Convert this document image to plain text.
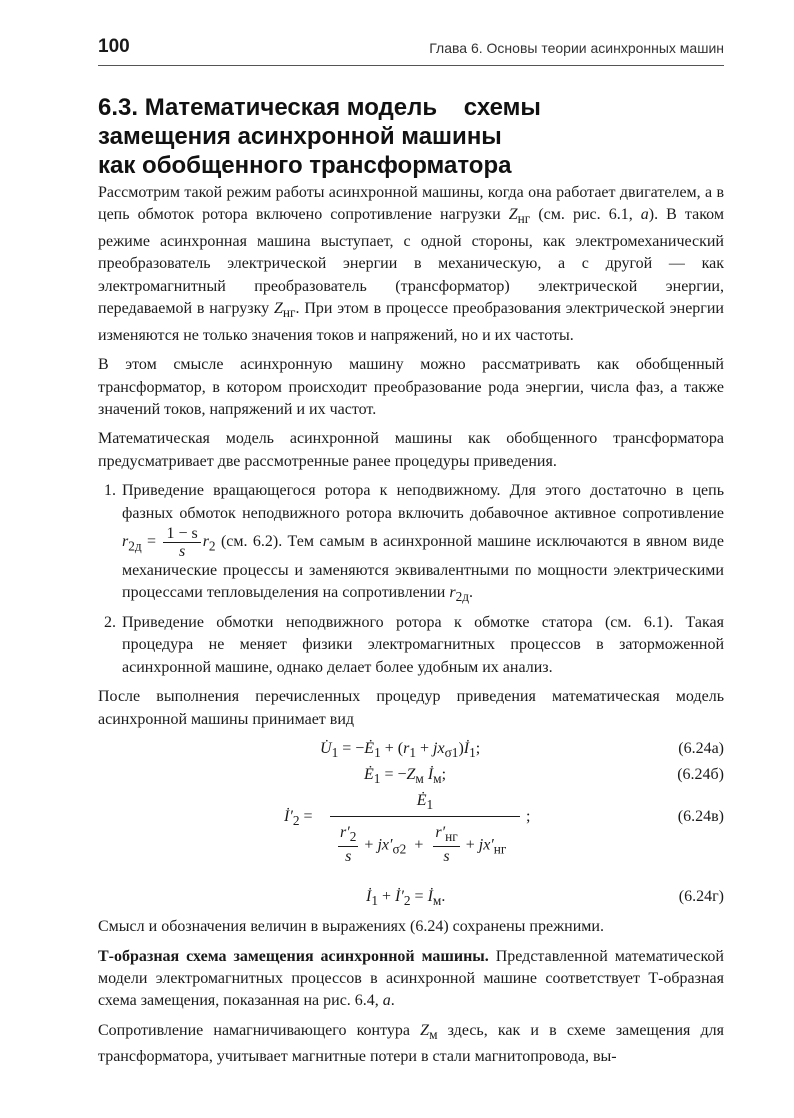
100	Глава 6. Основы теории асинхронных машин
6.3. Математическая модель    схемы
замещения асинхронной машины
как обобщенного трансформатора

Рассмотрим такой режим работы асинхронной машины, когда она работает двигателем, а в цепь обмоток ротора включено сопротивление нагрузки $Z_{нг}$ (см. рис. 6.1, а). В таком режиме асинхронная машина выступает, с одной стороны, как электромеханический преобразователь электрической энергии в механическую, а с другой — как электромагнитный преобразователь (трансформатор) электрической энергии, передаваемой в нагрузку $Z_{нг}$. При этом в процессе преобразования электрической энергии изменяются не только значения токов и напряжений, но и их частоты.

В этом смысле асинхронную машину можно рассматривать как обобщенный трансформатор, в котором происходит преобразование рода энергии, числа фаз, а также значений токов, напряжений и их частот.

Математическая модель асинхронной машины как обобщенного трансформатора предусматривает две рассмотренные ранее процедуры приведения.

1. Приведение вращающегося ротора к неподвижному. Для этого достаточно в цепь фазных обмоток неподвижного ротора включить добавочное активное сопротивление $r_{2д} = \frac{1 - s}{s} r_2$ (см. 6.2). Тем самым в асинхронной машине исключаются в явном виде механические процессы и заменяются эквивалентными по мощности электрическими процессами тепловыделения на сопротивлении $r_{2д}$.
2. Приведение обмотки неподвижного ротора к обмотке статора (см. 6.1). Такая процедура не меняет физики электромагнитных процессов в заторможенной асинхронной машине, однако делает более удобным их анализ.

После выполнения перечисленных процедур приведения математическая модель асинхронной машины принимает вид

$U̇_1$ = $-Ė_1 + (r_1$ + $jx_{\sigma 1})İ_1$;	(6.24а)
$Ė_1 = -Z_м$ $İ_м$;	(6.24б)
$İ'_2$ =
$Ė_1$
;
$\frac{r'_2}{s} + jx'_{\sigma 2}$  +
$r'_{нг}$
s
+ $jx'_{нг}$
(6.24в)
$İ_1$ + $İ'_2$ = $İ_м$.	(6.24г)

Смысл и обозначения величин в выражениях (6.24) сохранены прежними.

Т-образная схема замещения асинхронной машины. Представленной математической модели электромагнитных процессов в асинхронной машине соответствует Т-образная схема замещения, показанная на рис. 6.4, а.

Сопротивление намагничивающего контура $Z_м$ здесь, как и в схеме замещения для трансформатора, учитывает магнитные потери в стали магнитопровода, вы-
